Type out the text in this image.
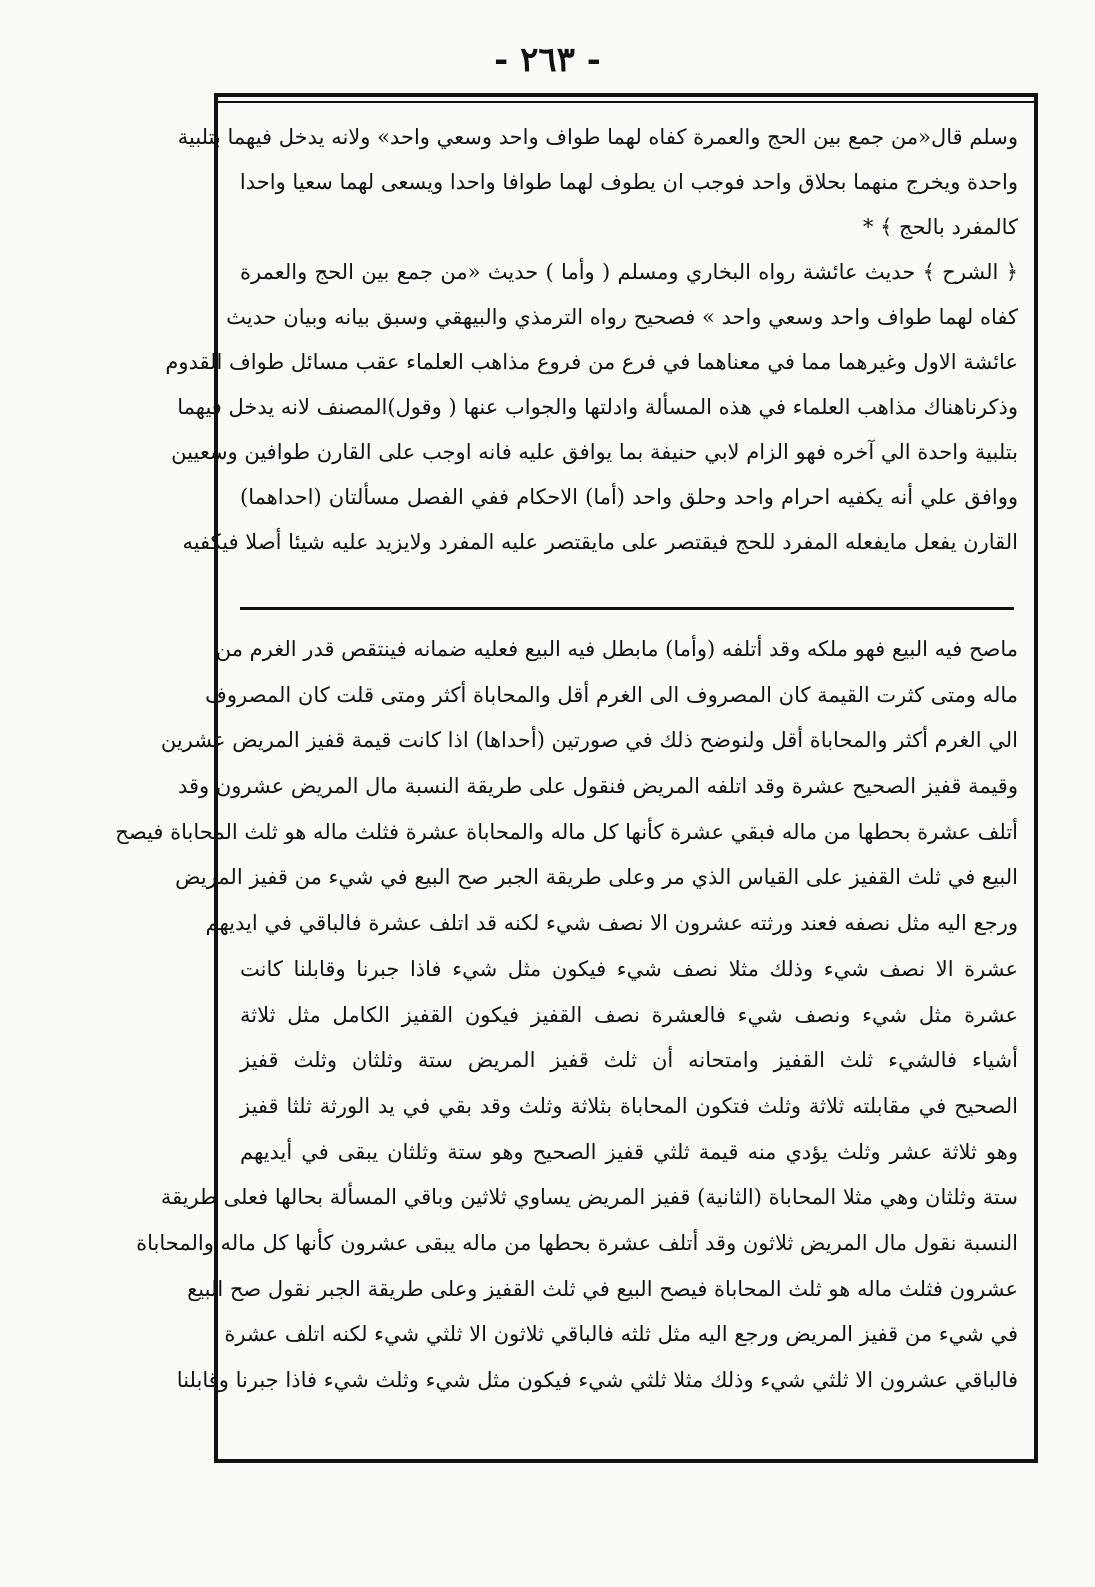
- ٢٦٣ -

وسلم قال«من جمع بين الحج والعمرة كفاه لهما طواف واحد وسعي واحد» ولانه يدخل فيهما بتلبية

واحدة ويخرج منهما بحلاق واحد فوجب ان يطوف لهما طوافا واحدا ويسعى لهما سعيا واحدا

كالمفرد بالحج ﴾ *

﴿ الشرح ﴾ حديث عائشة رواه البخاري ومسلم ( وأما ) حديث «من جمع بين الحج والعمرة

كفاه لهما طواف واحد وسعي واحد » فصحيح رواه الترمذي والبيهقي وسبق بيانه وبيان حديث

عائشة الاول وغيرهما مما في معناهما في فرع من فروع مذاهب العلماء عقب مسائل طواف القدوم

وذكرناهناك مذاهب العلماء في هذه المسألة وادلتها والجواب عنها ( وقول)المصنف لانه يدخل فيهما

بتلبية واحدة الي آخره فهو الزام لابي حنيفة بما يوافق عليه فانه اوجب على القارن طوافين وسعيين

ووافق علي أنه يكفيه احرام واحد وحلق واحد (أما) الاحكام ففي الفصل مسألتان (احداهما)

القارن يفعل مايفعله المفرد للحج فيقتصر على مايقتصر عليه المفرد ولايزيد عليه شيئا أصلا فيكفيه

ماصح فيه البيع فهو ملكه وقد أتلفه (وأما) مابطل فيه البيع فعليه ضمانه فينتقص قدر الغرم من

ماله ومتى كثرت القيمة كان المصروف الى الغرم أقل والمحاباة أكثر ومتى قلت كان المصروف

الي الغرم أكثر والمحاباة أقل ولنوضح ذلك في صورتين (أحداها) اذا كانت قيمة قفيز المريض عشرين

وقيمة قفيز الصحيح عشرة وقد اتلفه المريض فنقول على طريقة النسبة مال المريض عشرون وقد

أتلف عشرة بحطها من ماله فبقي عشرة كأنها كل ماله والمحاباة عشرة فثلث ماله هو ثلث المحاباة فيصح

البيع في ثلث القفيز على القياس الذي مر وعلى طريقة الجبر صح البيع في شيء من قفيز المريض

ورجع اليه مثل نصفه فعند ورثته عشرون الا نصف شيء لكنه قد اتلف عشرة فالباقي في ايديهم

عشرة الا نصف شيء وذلك مثلا نصف شيء فيكون مثل شيء فاذا جبرنا وقابلنا كانت

عشرة مثل شيء ونصف شيء فالعشرة نصف القفيز فيكون القفيز الكامل مثل ثلاثة

أشياء فالشيء ثلث القفيز وامتحانه أن ثلث قفيز المريض ستة وثلثان وثلث قفيز

الصحيح في مقابلته ثلاثة وثلث فتكون المحاباة بثلاثة وثلث وقد بقي في يد الورثة ثلثا قفيز

وهو ثلاثة عشر وثلث يؤدي منه قيمة ثلثي قفيز الصحيح وهو ستة وثلثان يبقى في أيديهم

ستة وثلثان وهي مثلا المحاباة (الثانية) قفيز المريض يساوي ثلاثين وباقي المسألة بحالها فعلى طريقة

النسبة نقول مال المريض ثلاثون وقد أتلف عشرة بحطها من ماله يبقى عشرون كأنها كل ماله والمحاباة

عشرون فثلث ماله هو ثلث المحاباة فيصح البيع في ثلث القفيز وعلى طريقة الجبر نقول صح البيع

في شيء من قفيز المريض ورجع اليه مثل ثلثه فالباقي ثلاثون الا ثلثي شيء لكنه اتلف عشرة

فالباقي عشرون الا ثلثي شيء وذلك مثلا ثلثي شيء فيكون مثل شيء وثلث شيء فاذا جبرنا وقابلنا
